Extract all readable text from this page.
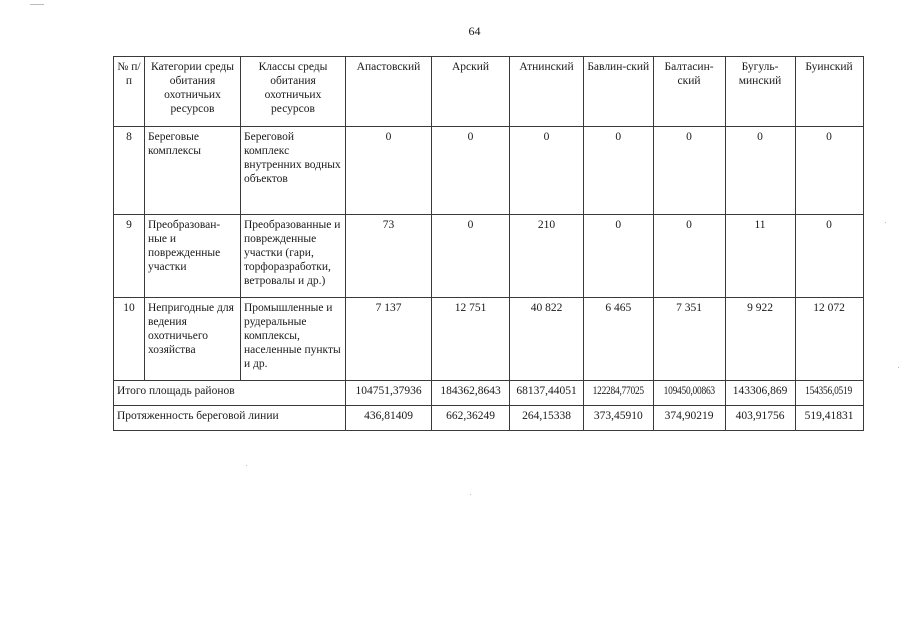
64
№ п/п	Категории среды обитания охотничьих ресурсов	Классы среды обитания охотничьих ресурсов	Апастовский	Арский	Атнинский	Бавлин-ский	Балтасин-ский	Бугуль-минский	Буинский
8	Береговые комплексы	Береговой комплекс внутренних водных объектов	0	0	0	0	0	0	0
9	Преобразован-ные и поврежденные участки	Преобразованные и поврежденные участки (гари, торфоразработки, ветровалы и др.)	73	0	210	0	0	11	0
10	Непригодные для ведения охотничьего хозяйства	Промышленные и рудеральные комплексы, населенные пункты и др.	7 137	12 751	40 822	6 465	7 351	9 922	12 072
Итого площадь районов			104751,37936	184362,8643	68137,44051	122284,77025	109450,00863	143306,869	154356,0519
Протяженность береговой линии			436,81409	662,36249	264,15338	373,45910	374,90219	403,91756	519,41831
